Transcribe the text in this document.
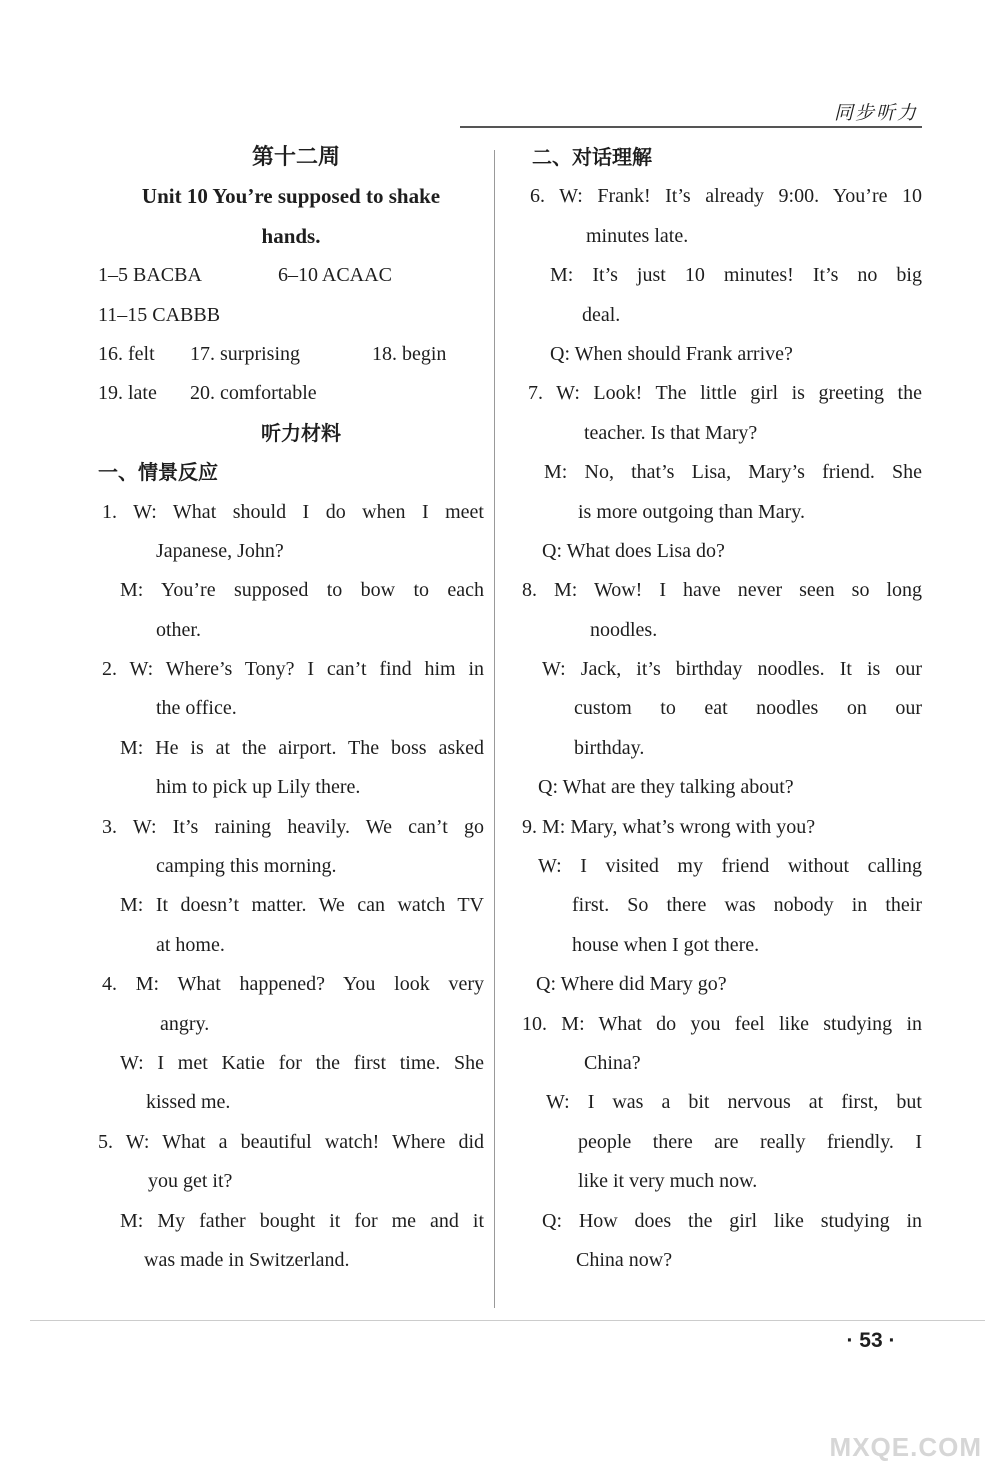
同步听力
第十二周
Unit 10 You’re supposed to shake
hands.
1–5 BACBA	6–10 ACAAC
11–15 CABBB
16. felt	17. surprising	18. begin
19. late	20. comfortable
听力材料
一、情景反应
1. W: What should I do when I meet
Japanese, John?
M: You’re supposed to bow to each
other.
2. W: Where’s Tony? I can’t find him in
the office.
M: He is at the airport. The boss asked
him to pick up Lily there.
3. W: It’s raining heavily. We can’t go
camping this morning.
M: It doesn’t matter. We can watch TV
at home.
4. M: What happened? You look very
angry.
W: I met Katie for the first time. She
kissed me.
5. W: What a beautiful watch! Where did
you get it?
M: My father bought it for me and it
was made in Switzerland.
二、对话理解
6. W: Frank! It’s already 9:00. You’re 10
minutes late.
M: It’s just 10 minutes! It’s no big
deal.
Q: When should Frank arrive?
7. W: Look! The little girl is greeting the
teacher. Is that Mary?
M: No, that’s Lisa, Mary’s friend. She
is more outgoing than Mary.
Q: What does Lisa do?
8. M: Wow! I have never seen so long
noodles.
W: Jack, it’s birthday noodles. It is our
custom to eat noodles on our
birthday.
Q: What are they talking about?
9. M: Mary, what’s wrong with you?
W: I visited my friend without calling
first. So there was nobody in their
house when I got there.
Q: Where did Mary go?
10. M: What do you feel like studying in
China?
W: I was a bit nervous at first, but
people there are really friendly. I
like it very much now.
Q: How does the girl like studying in
China now?
· 53 ·
MXQE.COM
